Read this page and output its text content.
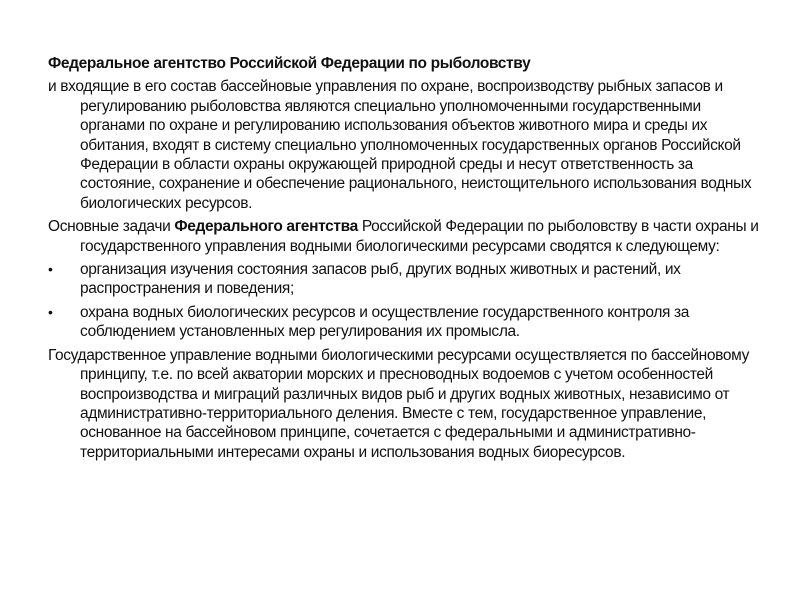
Федеральное агентство Российской Федерации по рыболовству

и входящие в его состав бассейновые управления по охране, воспроизводству рыбных запасов и регулированию рыболовства являются специально уполномоченными государственными органами по охране и регулированию использования объектов животного мира и среды их обитания, входят в систему специально уполномоченных государственных органов Российской Федерации в области охраны окружающей природной среды и несут ответственность за состояние, сохранение и обеспечение рационального, неистощительного использования водных биологических ресурсов.

Основные задачи Федерального агентства Российской Федерации по рыболовству в части охраны и государственного управления водными биологическими ресурсами сводятся к следующему:

•	организация изучения состояния запасов рыб, других водных животных и растений, их распространения и поведения;
•	охрана водных биологических ресурсов и осуществление государственного контроля за соблюдением установленных мер регулирования их промысла.

Государственное управление водными биологическими ресурсами осуществляется по бассейновому принципу, т.е. по всей акватории морских и пресноводных водоемов с учетом особенностей воспроизводства и миграций различных видов рыб и других водных животных, независимо от административно-территориального деления. Вместе с тем, государственное управление, основанное на бассейновом принципе, сочетается с федеральными и административно-территориальными интересами охраны и использования водных биоресурсов.
